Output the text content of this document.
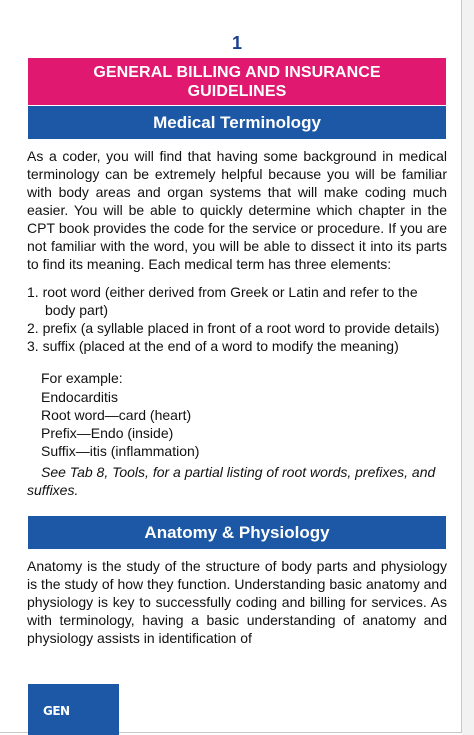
1
GENERAL BILLING AND INSURANCE
GUIDELINES
Medical Terminology

As a coder, you will find that having some background in medical terminology can be extremely helpful because you will be familiar with body areas and organ systems that will make coding much easier. You will be able to quickly determine which chapter in the CPT book provides the code for the service or procedure. If you are not familiar with the word, you will be able to dissect it into its parts to find its meaning. Each medical term has three elements:

1. root word (either derived from Greek or Latin and refer to the body part)
2. prefix (a syllable placed in front of a root word to provide details)
3. suffix (placed at the end of a word to modify the meaning)

For example:

Endocarditis
Root word—card (heart)
Prefix—Endo (inside)
Suffix—itis (inflammation)

See Tab 8, Tools, for a partial listing of root words, prefixes, and suffixes.

Anatomy & Physiology

Anatomy is the study of the structure of body parts and physiology is the study of how they function. Understanding basic anatomy and physiology is key to successfully coding and billing for services. As with terminology, having a basic understanding of anatomy and physiology assists in identification of

GEN
